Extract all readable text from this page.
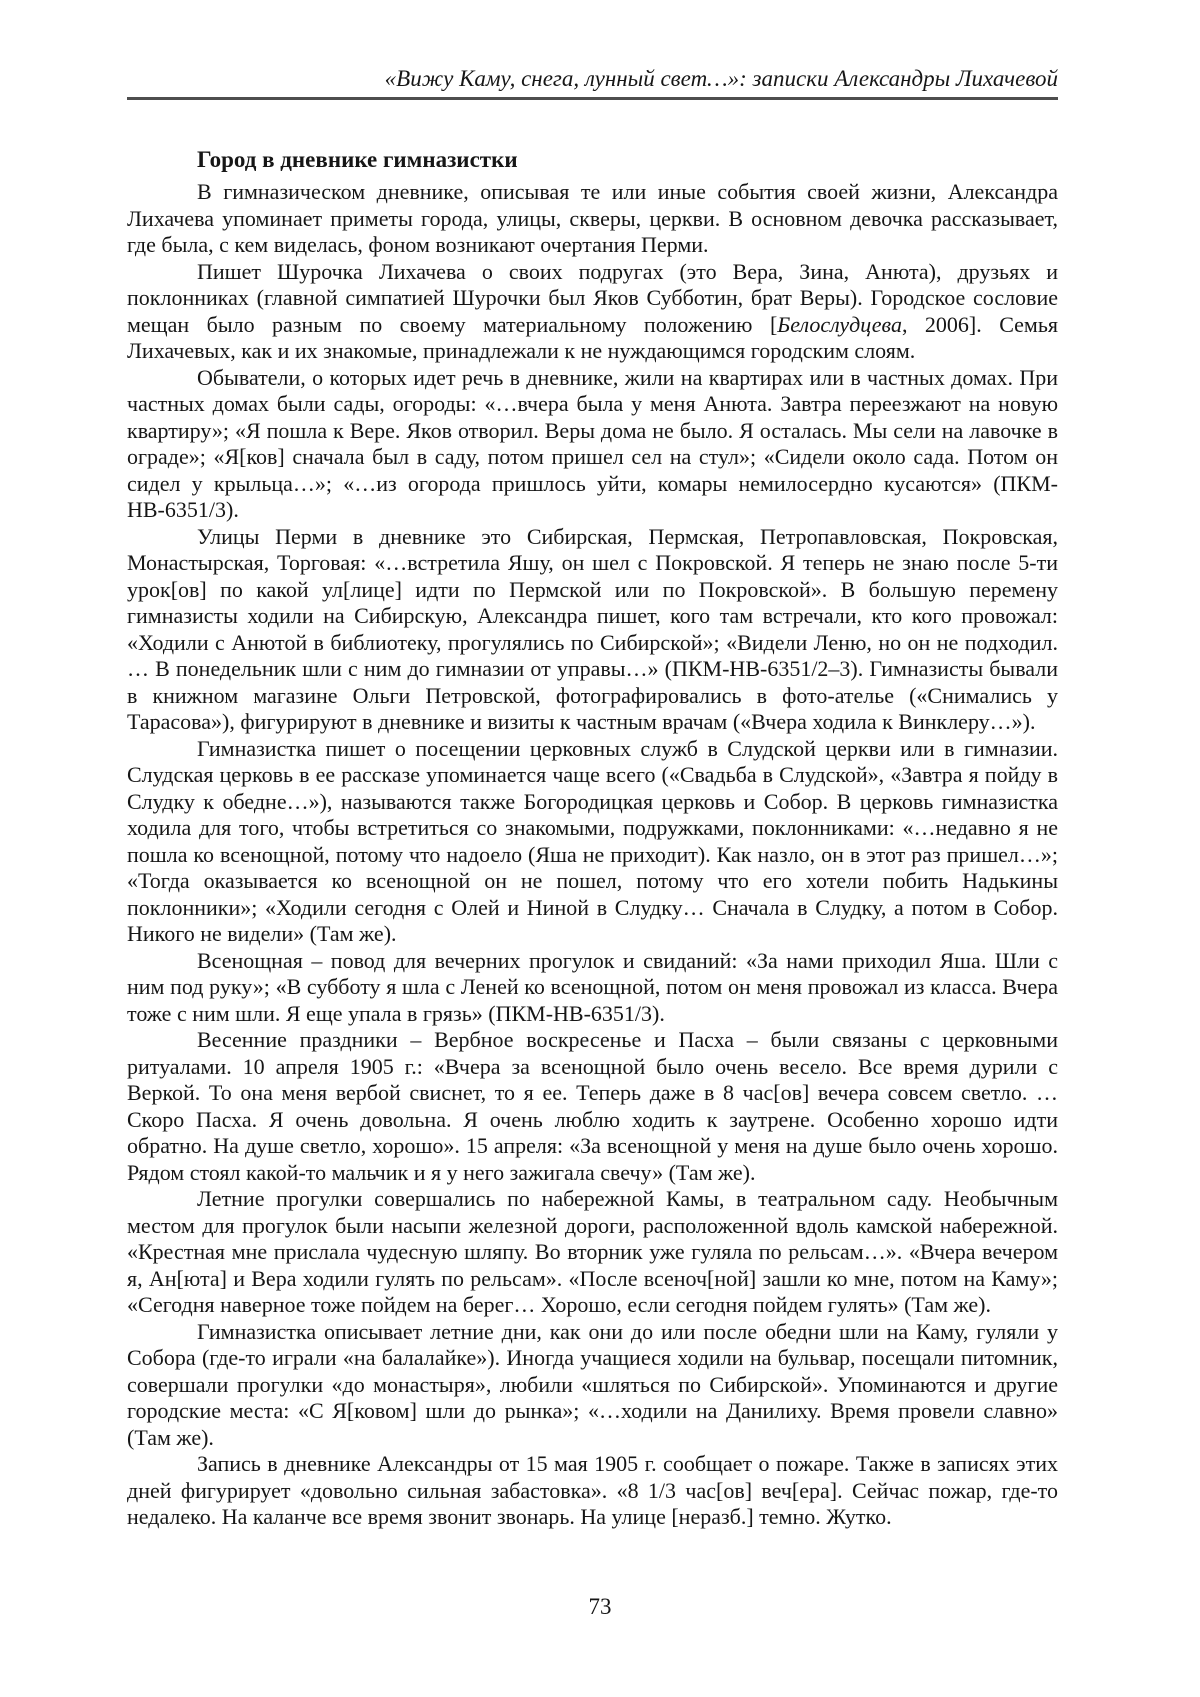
«Вижу Каму, снега, лунный свет…»: записки Александры Лихачевой
Город в дневнике гимназистки

В гимназическом дневнике, описывая те или иные события своей жизни, Александра Лихачева упоминает приметы города, улицы, скверы, церкви. В основном девочка рассказывает, где была, с кем виделась, фоном возникают очертания Перми.

Пишет Шурочка Лихачева о своих подругах (это Вера, Зина, Анюта), друзьях и поклонниках (главной симпатией Шурочки был Яков Субботин, брат Веры). Городское сословие мещан было разным по своему материальному положению [Белослудцева, 2006]. Семья Лихачевых, как и их знакомые, принадлежали к не нуждающимся городским слоям.

Обыватели, о которых идет речь в дневнике, жили на квартирах или в частных домах. При частных домах были сады, огороды: «…вчера была у меня Анюта. Завтра переезжают на новую квартиру»; «Я пошла к Вере. Яков отворил. Веры дома не было. Я осталась. Мы сели на лавочке в ограде»; «Я[ков] сначала был в саду, потом пришел сел на стул»; «Сидели около сада. Потом он сидел у крыльца…»; «…из огорода пришлось уйти, комары немилосердно кусаются» (ПКМ-НВ-6351/3).

Улицы Перми в дневнике это Сибирская, Пермская, Петропавловская, Покровская, Монастырская, Торговая: «…встретила Яшу, он шел с Покровской. Я теперь не знаю после 5-ти урок[ов] по какой ул[лице] идти по Пермской или по Покровской». В большую перемену гимназисты ходили на Сибирскую, Александра пишет, кого там встречали, кто кого провожал: «Ходили с Анютой в библиотеку, прогулялись по Сибирской»; «Видели Леню, но он не подходил. … В понедельник шли с ним до гимназии от управы…» (ПКМ-НВ-6351/2–3). Гимназисты бывали в книжном магазине Ольги Петровской, фотографировались в фото-ателье («Снимались у Тарасова»), фигурируют в дневнике и визиты к частным врачам («Вчера ходила к Винклеру…»).

Гимназистка пишет о посещении церковных служб в Слудской церкви или в гимназии. Слудская церковь в ее рассказе упоминается чаще всего («Свадьба в Слудской», «Завтра я пойду в Слудку к обедне…»), называются также Богородицкая церковь и Собор. В церковь гимназистка ходила для того, чтобы встретиться со знакомыми, подружками, поклонниками: «…недавно я не пошла ко всенощной, потому что надоело (Яша не приходит). Как назло, он в этот раз пришел…»; «Тогда оказывается ко всенощной он не пошел, потому что его хотели побить Надькины поклонники»; «Ходили сегодня с Олей и Ниной в Слудку… Сначала в Слудку, а потом в Собор. Никого не видели» (Там же).

Всенощная – повод для вечерних прогулок и свиданий: «За нами приходил Яша. Шли с ним под руку»; «В субботу я шла с Леней ко всенощной, потом он меня провожал из класса. Вчера тоже с ним шли. Я еще упала в грязь» (ПКМ-НВ-6351/3).

Весенние праздники – Вербное воскресенье и Пасха – были связаны с церковными ритуалами. 10 апреля 1905 г.: «Вчера за всенощной было очень весело. Все время дурили с Веркой. То она меня вербой свиснет, то я ее. Теперь даже в 8 час[ов] вечера совсем светло. …Скоро Пасха. Я очень довольна. Я очень люблю ходить к заутрене. Особенно хорошо идти обратно. На душе светло, хорошо». 15 апреля: «За всенощной у меня на душе было очень хорошо. Рядом стоял какой-то мальчик и я у него зажигала свечу» (Там же).

Летние прогулки совершались по набережной Камы, в театральном саду. Необычным местом для прогулок были насыпи железной дороги, расположенной вдоль камской набережной. «Крестная мне прислала чудесную шляпу. Во вторник уже гуляла по рельсам…». «Вчера вечером я, Ан[юта] и Вера ходили гулять по рельсам». «После всеноч[ной] зашли ко мне, потом на Каму»; «Сегодня наверное тоже пойдем на берег… Хорошо, если сегодня пойдем гулять» (Там же).

Гимназистка описывает летние дни, как они до или после обедни шли на Каму, гуляли у Собора (где-то играли «на балалайке»). Иногда учащиеся ходили на бульвар, посещали питомник, совершали прогулки «до монастыря», любили «шляться по Сибирской». Упоминаются и другие городские места: «С Я[ковом] шли до рынка»; «…ходили на Данилиху. Время провели славно» (Там же).

Запись в дневнике Александры от 15 мая 1905 г. сообщает о пожаре. Также в записях этих дней фигурирует «довольно сильная забастовка». «8 1/3 час[ов] веч[ера]. Сейчас пожар, где-то недалеко. На каланче все время звонит звонарь. На улице [неразб.] темно. Жутко.

73
